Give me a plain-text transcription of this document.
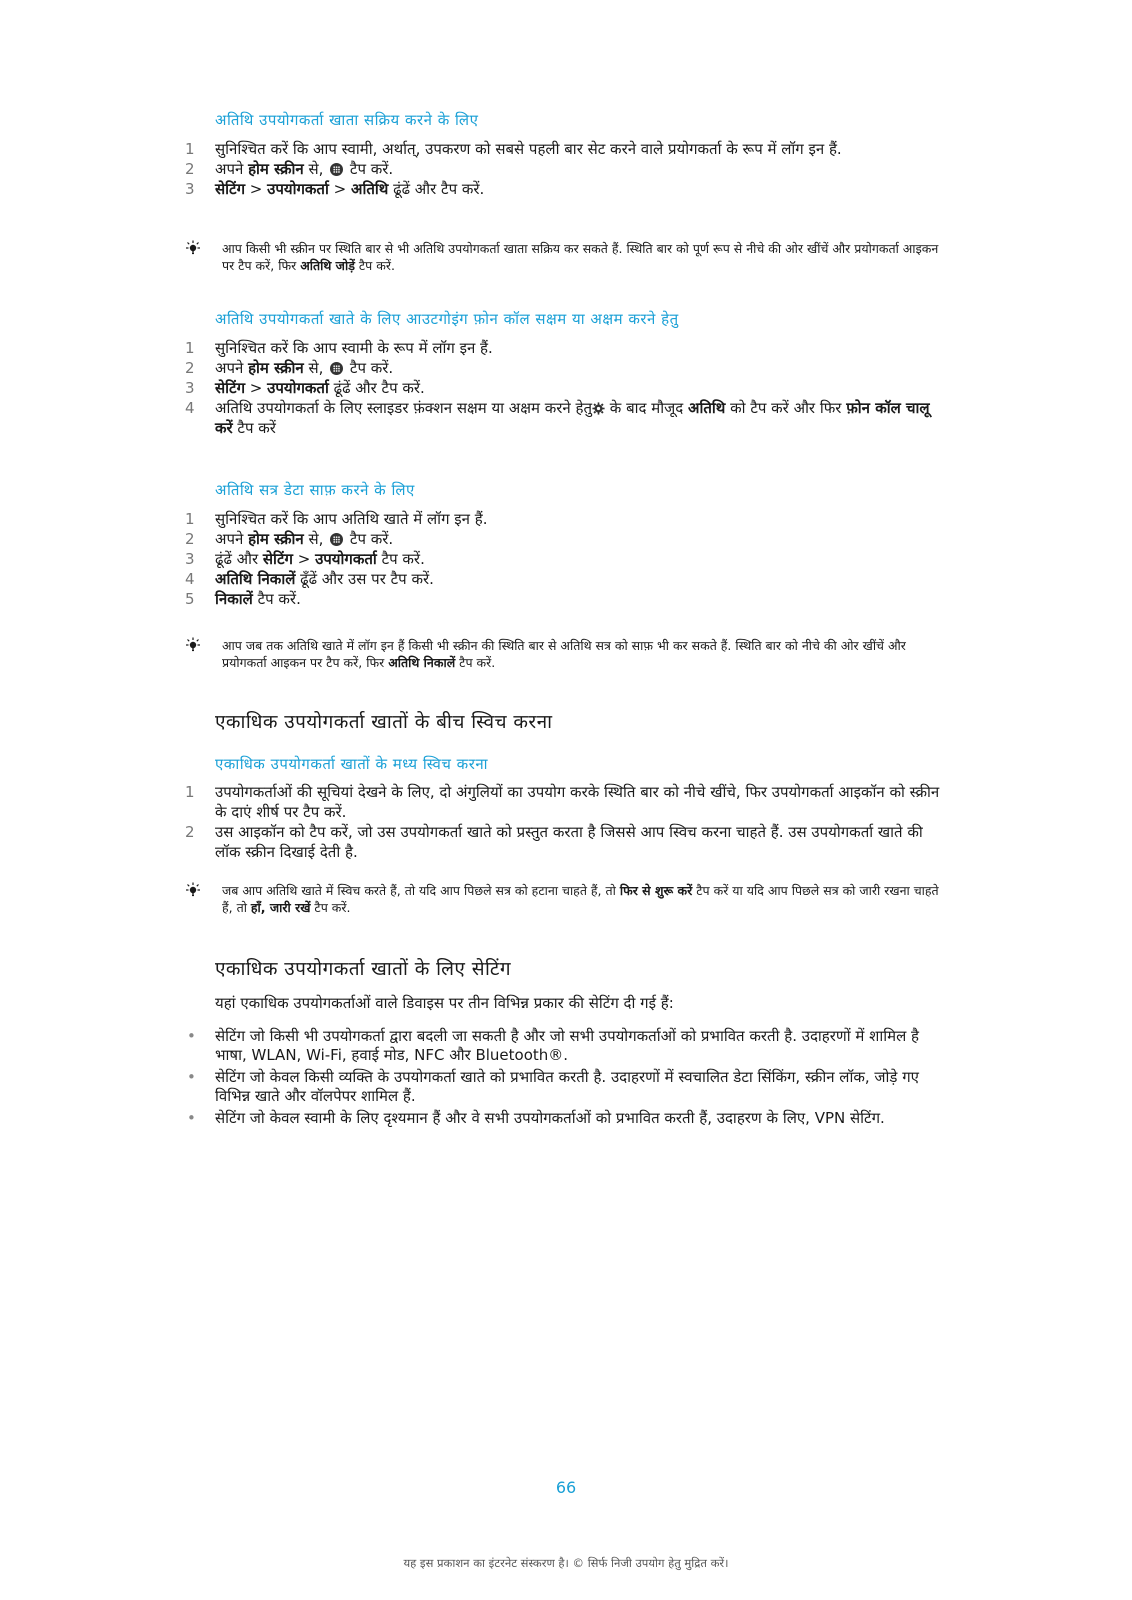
अतिथि उपयोगकर्ता खाता सक्रिय करने के लिए
1	सुनिश्चित करें कि आप स्वामी, अर्थात्, उपकरण को सबसे पहली बार सेट करने वाले प्रयोगकर्ता के रूप में लॉग इन हैं.
2	अपने होम स्क्रीन से,  टैप करें.
3	सेटिंग > उपयोगकर्ता > अतिथि ढूंढें और टैप करें.
आप किसी भी स्क्रीन पर स्थिति बार से भी अतिथि उपयोगकर्ता खाता सक्रिय कर सकते हैं. स्थिति बार को पूर्ण रूप से नीचे की ओर खींचें और प्रयोगकर्ता आइकन पर टैप करें, फिर अतिथि जोड़ें टैप करें.
अतिथि उपयोगकर्ता खाते के लिए आउटगोइंग फ़ोन कॉल सक्षम या अक्षम करने हेतु
1	सुनिश्चित करें कि आप स्वामी के रूप में लॉग इन हैं.
2	अपने होम स्क्रीन से,  टैप करें.
3	सेटिंग > उपयोगकर्ता ढूंढें और टैप करें.
4	अतिथि उपयोगकर्ता के लिए स्लाइडर फ़ंक्शन सक्षम या अक्षम करने हेतु के बाद मौजूद अतिथि को टैप करें और फिर फ़ोन कॉल चालू करें टैप करें
अतिथि सत्र डेटा साफ़ करने के लिए
1	सुनिश्चित करें कि आप अतिथि खाते में लॉग इन हैं.
2	अपने होम स्क्रीन से,  टैप करें.
3	ढूंढें और सेटिंग > उपयोगकर्ता टैप करें.
4	अतिथि निकालें ढूँढें और उस पर टैप करें.
5	निकालें टैप करें.
आप जब तक अतिथि खाते में लॉग इन हैं किसी भी स्क्रीन की स्थिति बार से अतिथि सत्र को साफ़ भी कर सकते हैं. स्थिति बार को नीचे की ओर खींचें और प्रयोगकर्ता आइकन पर टैप करें, फिर अतिथि निकालें टैप करें.
एकाधिक उपयोगकर्ता खातों के बीच स्विच करना
एकाधिक उपयोगकर्ता खातों के मध्य स्विच करना
1	उपयोगकर्ताओं की सूचियां देखने के लिए, दो अंगुलियों का उपयोग करके स्थिति बार को नीचे खींचे, फिर उपयोगकर्ता आइकॉन को स्क्रीन के दाएं शीर्ष पर टैप करें.
2	उस आइकॉन को टैप करें, जो उस उपयोगकर्ता खाते को प्रस्तुत करता है जिससे आप स्विच करना चाहते हैं. उस उपयोगकर्ता खाते की लॉक स्क्रीन दिखाई देती है.
जब आप अतिथि खाते में स्विच करते हैं, तो यदि आप पिछले सत्र को हटाना चाहते हैं, तो फिर से शुरू करें टैप करें या यदि आप पिछले सत्र को जारी रखना चाहते हैं, तो हाँ, जारी रखें टैप करें.
एकाधिक उपयोगकर्ता खातों के लिए सेटिंग
यहां एकाधिक उपयोगकर्ताओं वाले डिवाइस पर तीन विभिन्न प्रकार की सेटिंग दी गई हैं:
• सेटिंग जो किसी भी उपयोगकर्ता द्वारा बदली जा सकती है और जो सभी उपयोगकर्ताओं को प्रभावित करती है. उदाहरणों में शामिल है भाषा, WLAN, Wi-Fi, हवाई मोड, NFC और Bluetooth®.
• सेटिंग जो केवल किसी व्यक्ति के उपयोगकर्ता खाते को प्रभावित करती है. उदाहरणों में स्वचालित डेटा सिंकिंग, स्क्रीन लॉक, जोड़े गए विभिन्न खाते और वॉलपेपर शामिल हैं.
• सेटिंग जो केवल स्वामी के लिए दृश्यमान हैं और वे सभी उपयोगकर्ताओं को प्रभावित करती हैं, उदाहरण के लिए, VPN सेटिंग.
66
यह इस प्रकाशन का इंटरनेट संस्करण है। © सिर्फ निजी उपयोग हेतु मुद्रित करें।
